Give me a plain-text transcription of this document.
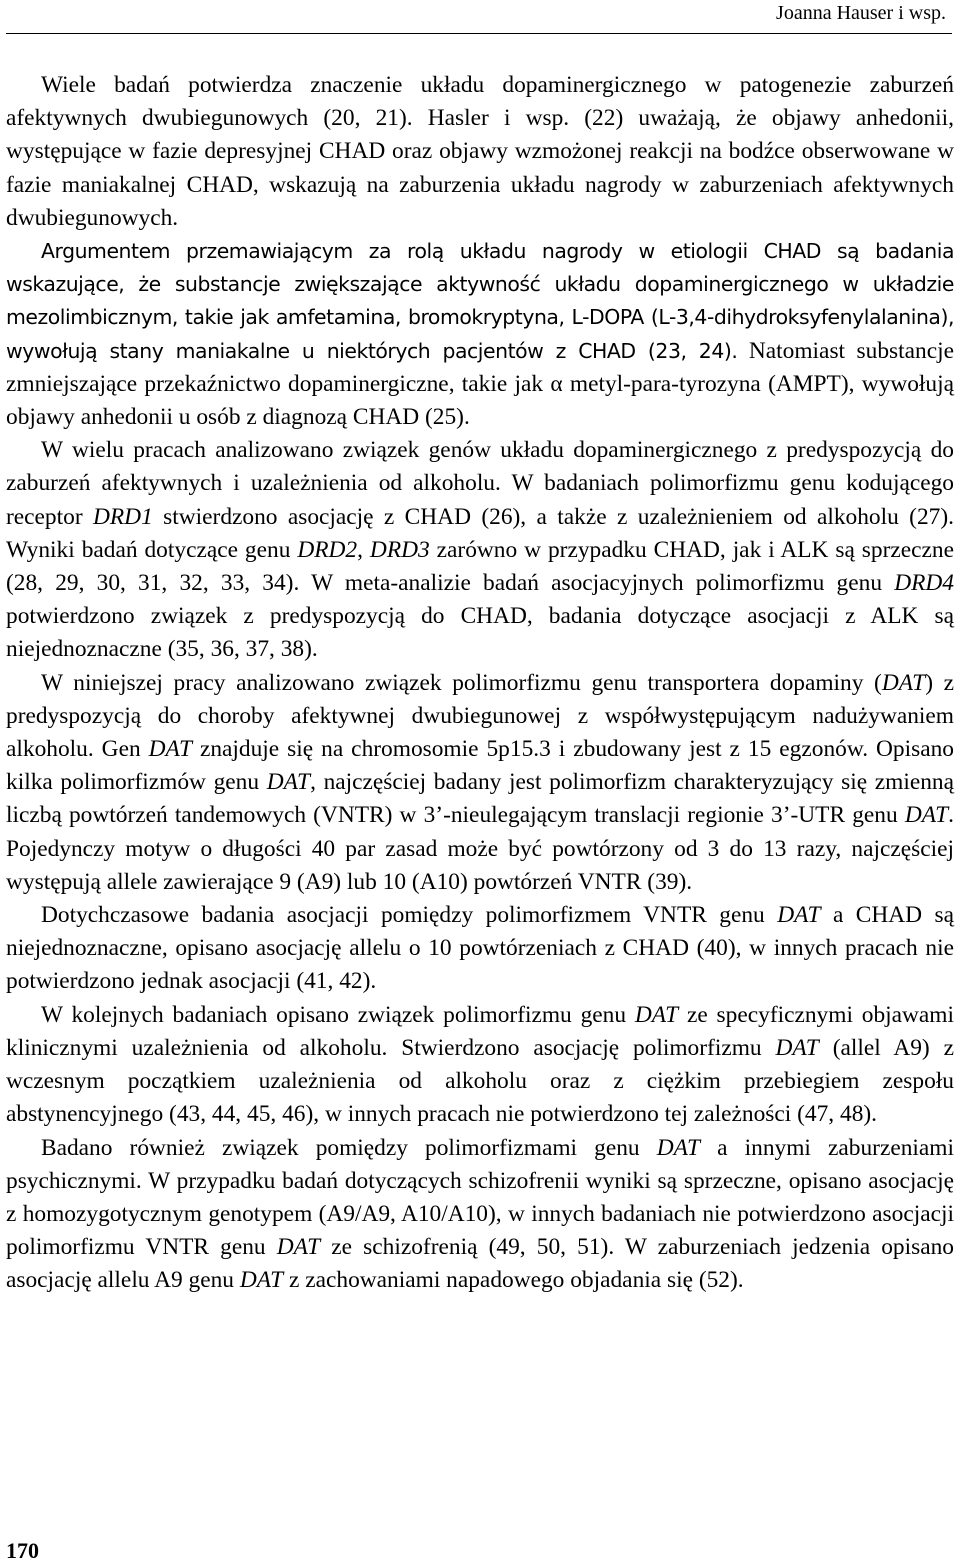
Joanna Hauser i wsp.

Wiele badań potwierdza znaczenie układu dopaminergicznego w patogenezie zaburzeń afektywnych dwubiegunowych (20, 21). Hasler i wsp. (22) uważają, że objawy anhedonii, występujące w fazie depresyjnej CHAD oraz objawy wzmożonej reakcji na bodźce obserwowane w fazie maniakalnej CHAD, wskazują na zaburzenia układu nagrody w zaburzeniach afektywnych dwubiegunowych.

Argumentem przemawiającym za rolą układu nagrody w etiologii CHAD są badania wskazujące, że substancje zwiększające aktywność układu dopaminergicznego w układzie mezolimbicznym, takie jak amfetamina, bromokryptyna, L-DOPA (L-3,4-dihydroksyfenylalanina), wywołują stany maniakalne u niektórych pacjentów z CHAD (23, 24). Natomiast substancje zmniejszające przekaźnictwo dopaminergiczne, takie jak α metyl-para-tyrozyna (AMPT), wywołują objawy anhedonii u osób z diagnozą CHAD (25).

W wielu pracach analizowano związek genów układu dopaminergicznego z predyspozycją do zaburzeń afektywnych i uzależnienia od alkoholu. W badaniach polimorfizmu genu kodującego receptor DRD1 stwierdzono asocjację z CHAD (26), a także z uzależnieniem od alkoholu (27). Wyniki badań dotyczące genu DRD2, DRD3 zarówno w przypadku CHAD, jak i ALK są sprzeczne (28, 29, 30, 31, 32, 33, 34). W meta-analizie badań asocjacyjnych polimorfizmu genu DRD4 potwierdzono związek z predyspozycją do CHAD, badania dotyczące asocjacji z ALK są niejednoznaczne (35, 36, 37, 38).

W niniejszej pracy analizowano związek polimorfizmu genu transportera dopaminy (DAT) z predyspozycją do choroby afektywnej dwubiegunowej z współwystępującym nadużywaniem alkoholu. Gen DAT znajduje się na chromosomie 5p15.3 i zbudowany jest z 15 egzonów. Opisano kilka polimorfizmów genu DAT, najczęściej badany jest polimorfizm charakteryzujący się zmienną liczbą powtórzeń tandemowych (VNTR) w 3’-nieulegającym translacji regionie 3’-UTR genu DAT. Pojedynczy motyw o długości 40 par zasad może być powtórzony od 3 do 13 razy, najczęściej występują allele zawierające 9 (A9) lub 10 (A10) powtórzeń VNTR (39).

Dotychczasowe badania asocjacji pomiędzy polimorfizmem VNTR genu DAT a CHAD są niejednoznaczne, opisano asocjację allelu o 10 powtórzeniach z CHAD (40), w innych pracach nie potwierdzono jednak asocjacji (41, 42).

W kolejnych badaniach opisano związek polimorfizmu genu DAT ze specyficznymi objawami klinicznymi uzależnienia od alkoholu. Stwierdzono asocjację polimorfizmu DAT (allel A9) z wczesnym początkiem uzależnienia od alkoholu oraz z ciężkim przebiegiem zespołu abstynencyjnego (43, 44, 45, 46), w innych pracach nie potwierdzono tej zależności (47, 48).

Badano również związek pomiędzy polimorfizmami genu DAT a innymi zaburzeniami psychicznymi. W przypadku badań dotyczących schizofrenii wyniki są sprzeczne, opisano asocjację z homozygotycznym genotypem (A9/A9, A10/A10), w innych badaniach nie potwierdzono asocjacji polimorfizmu VNTR genu DAT ze schizofrenią (49, 50, 51). W zaburzeniach jedzenia opisano asocjację allelu A9 genu DAT z zachowaniami napadowego objadania się (52).

170
